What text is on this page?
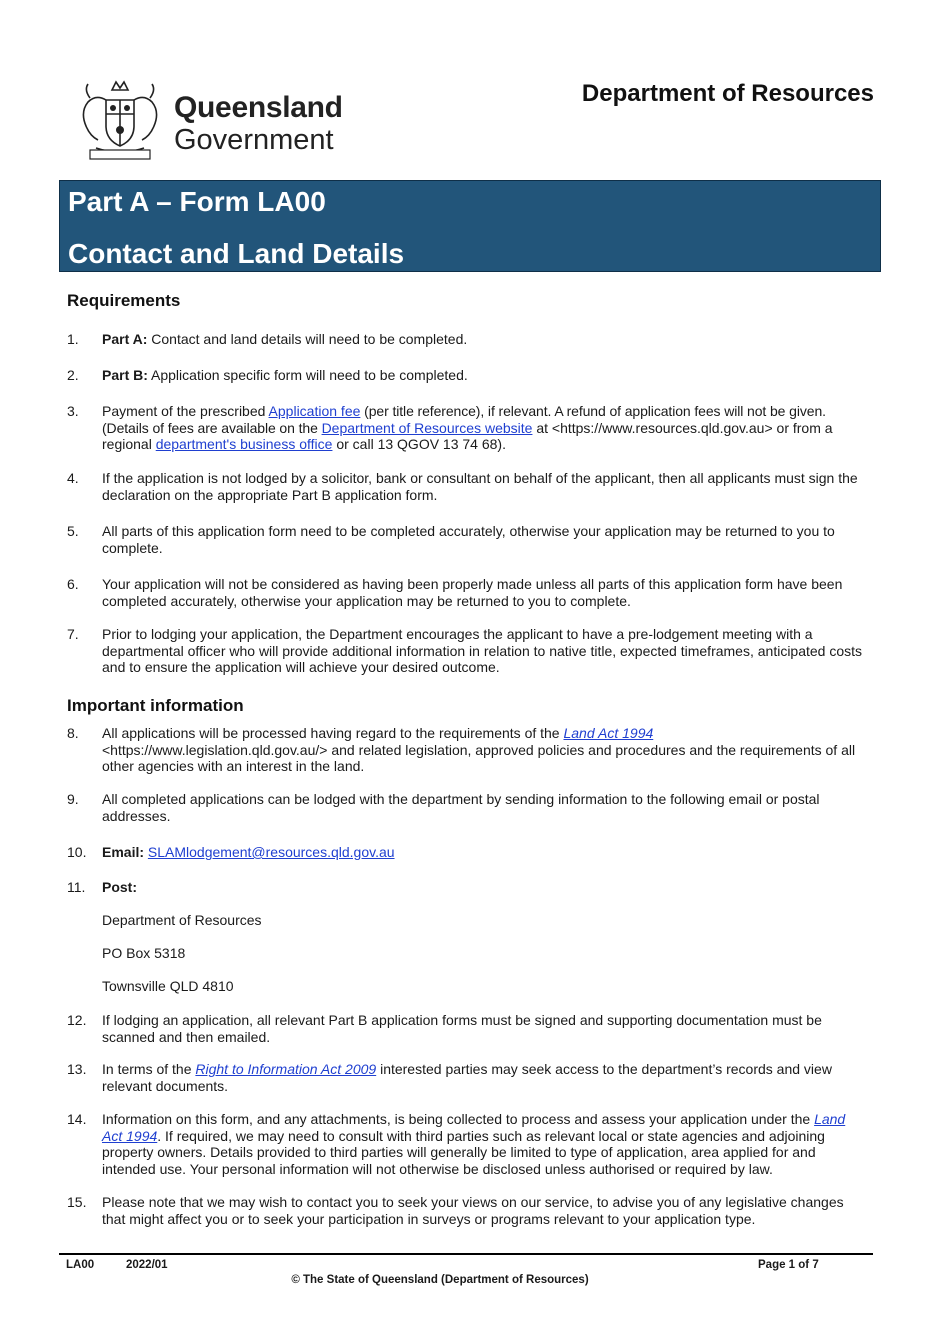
Queensland
Government
Department of Resources
Part A – Form LA00
Contact and Land Details
Requirements
1. Part A: Contact and land details will need to be completed.
2. Part B: Application specific form will need to be completed.
3. Payment of the prescribed Application fee (per title reference), if relevant. A refund of application fees will not be given. (Details of fees are available on the Department of Resources website at <https://www.resources.qld.gov.au> or from a regional department's business office or call 13 QGOV 13 74 68).
4. If the application is not lodged by a solicitor, bank or consultant on behalf of the applicant, then all applicants must sign the declaration on the appropriate Part B application form.
5. All parts of this application form need to be completed accurately, otherwise your application may be returned to you to complete.
6. Your application will not be considered as having been properly made unless all parts of this application form have been completed accurately, otherwise your application may be returned to you to complete.
7. Prior to lodging your application, the Department encourages the applicant to have a pre-lodgement meeting with a departmental officer who will provide additional information in relation to native title, expected timeframes, anticipated costs and to ensure the application will achieve your desired outcome.
Important information
8. All applications will be processed having regard to the requirements of the Land Act 1994 <https://www.legislation.qld.gov.au/> and related legislation, approved policies and procedures and the requirements of all other agencies with an interest in the land.
9. All completed applications can be lodged with the department by sending information to the following email or postal addresses.
10. Email: SLAMlodgement@resources.qld.gov.au
11. Post:
Department of Resources
PO Box 5318
Townsville QLD 4810
12. If lodging an application, all relevant Part B application forms must be signed and supporting documentation must be scanned and then emailed.
13. In terms of the Right to Information Act 2009 interested parties may seek access to the department’s records and view relevant documents.
14. Information on this form, and any attachments, is being collected to process and assess your application under the Land Act 1994. If required, we may need to consult with third parties such as relevant local or state agencies and adjoining property owners. Details provided to third parties will generally be limited to type of application, area applied for and intended use. Your personal information will not otherwise be disclosed unless authorised or required by law.
15. Please note that we may wish to contact you to seek your views on our service, to advise you of any legislative changes that might affect you or to seek your participation in surveys or programs relevant to your application type.
LA00	2022/01	Page 1 of 7
© The State of Queensland (Department of Resources)
